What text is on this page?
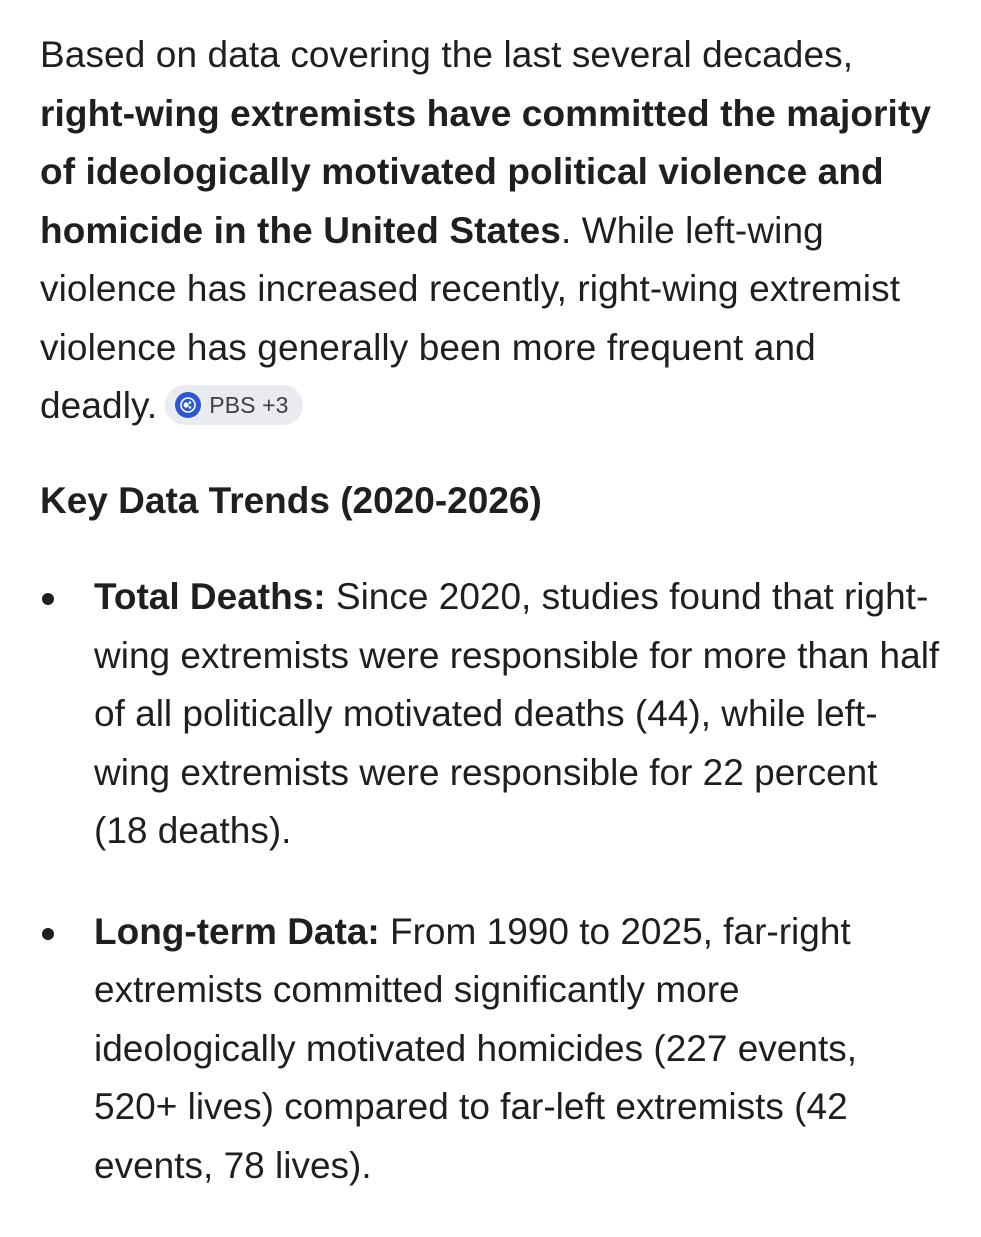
Based on data covering the last several decades, right-wing extremists have committed the majority of ideologically motivated political violence and homicide in the United States. While left-wing violence has increased recently, right-wing extremist violence has generally been more frequent and deadly. PBS +3

Key Data Trends (2020-2026)
Total Deaths: Since 2020, studies found that right-wing extremists were responsible for more than half of all politically motivated deaths (44), while left-wing extremists were responsible for 22 percent (18 deaths).
Long-term Data: From 1990 to 2025, far-right extremists committed significantly more ideologically motivated homicides (227 events, 520+ lives) compared to far-left extremists (42 events, 78 lives).
